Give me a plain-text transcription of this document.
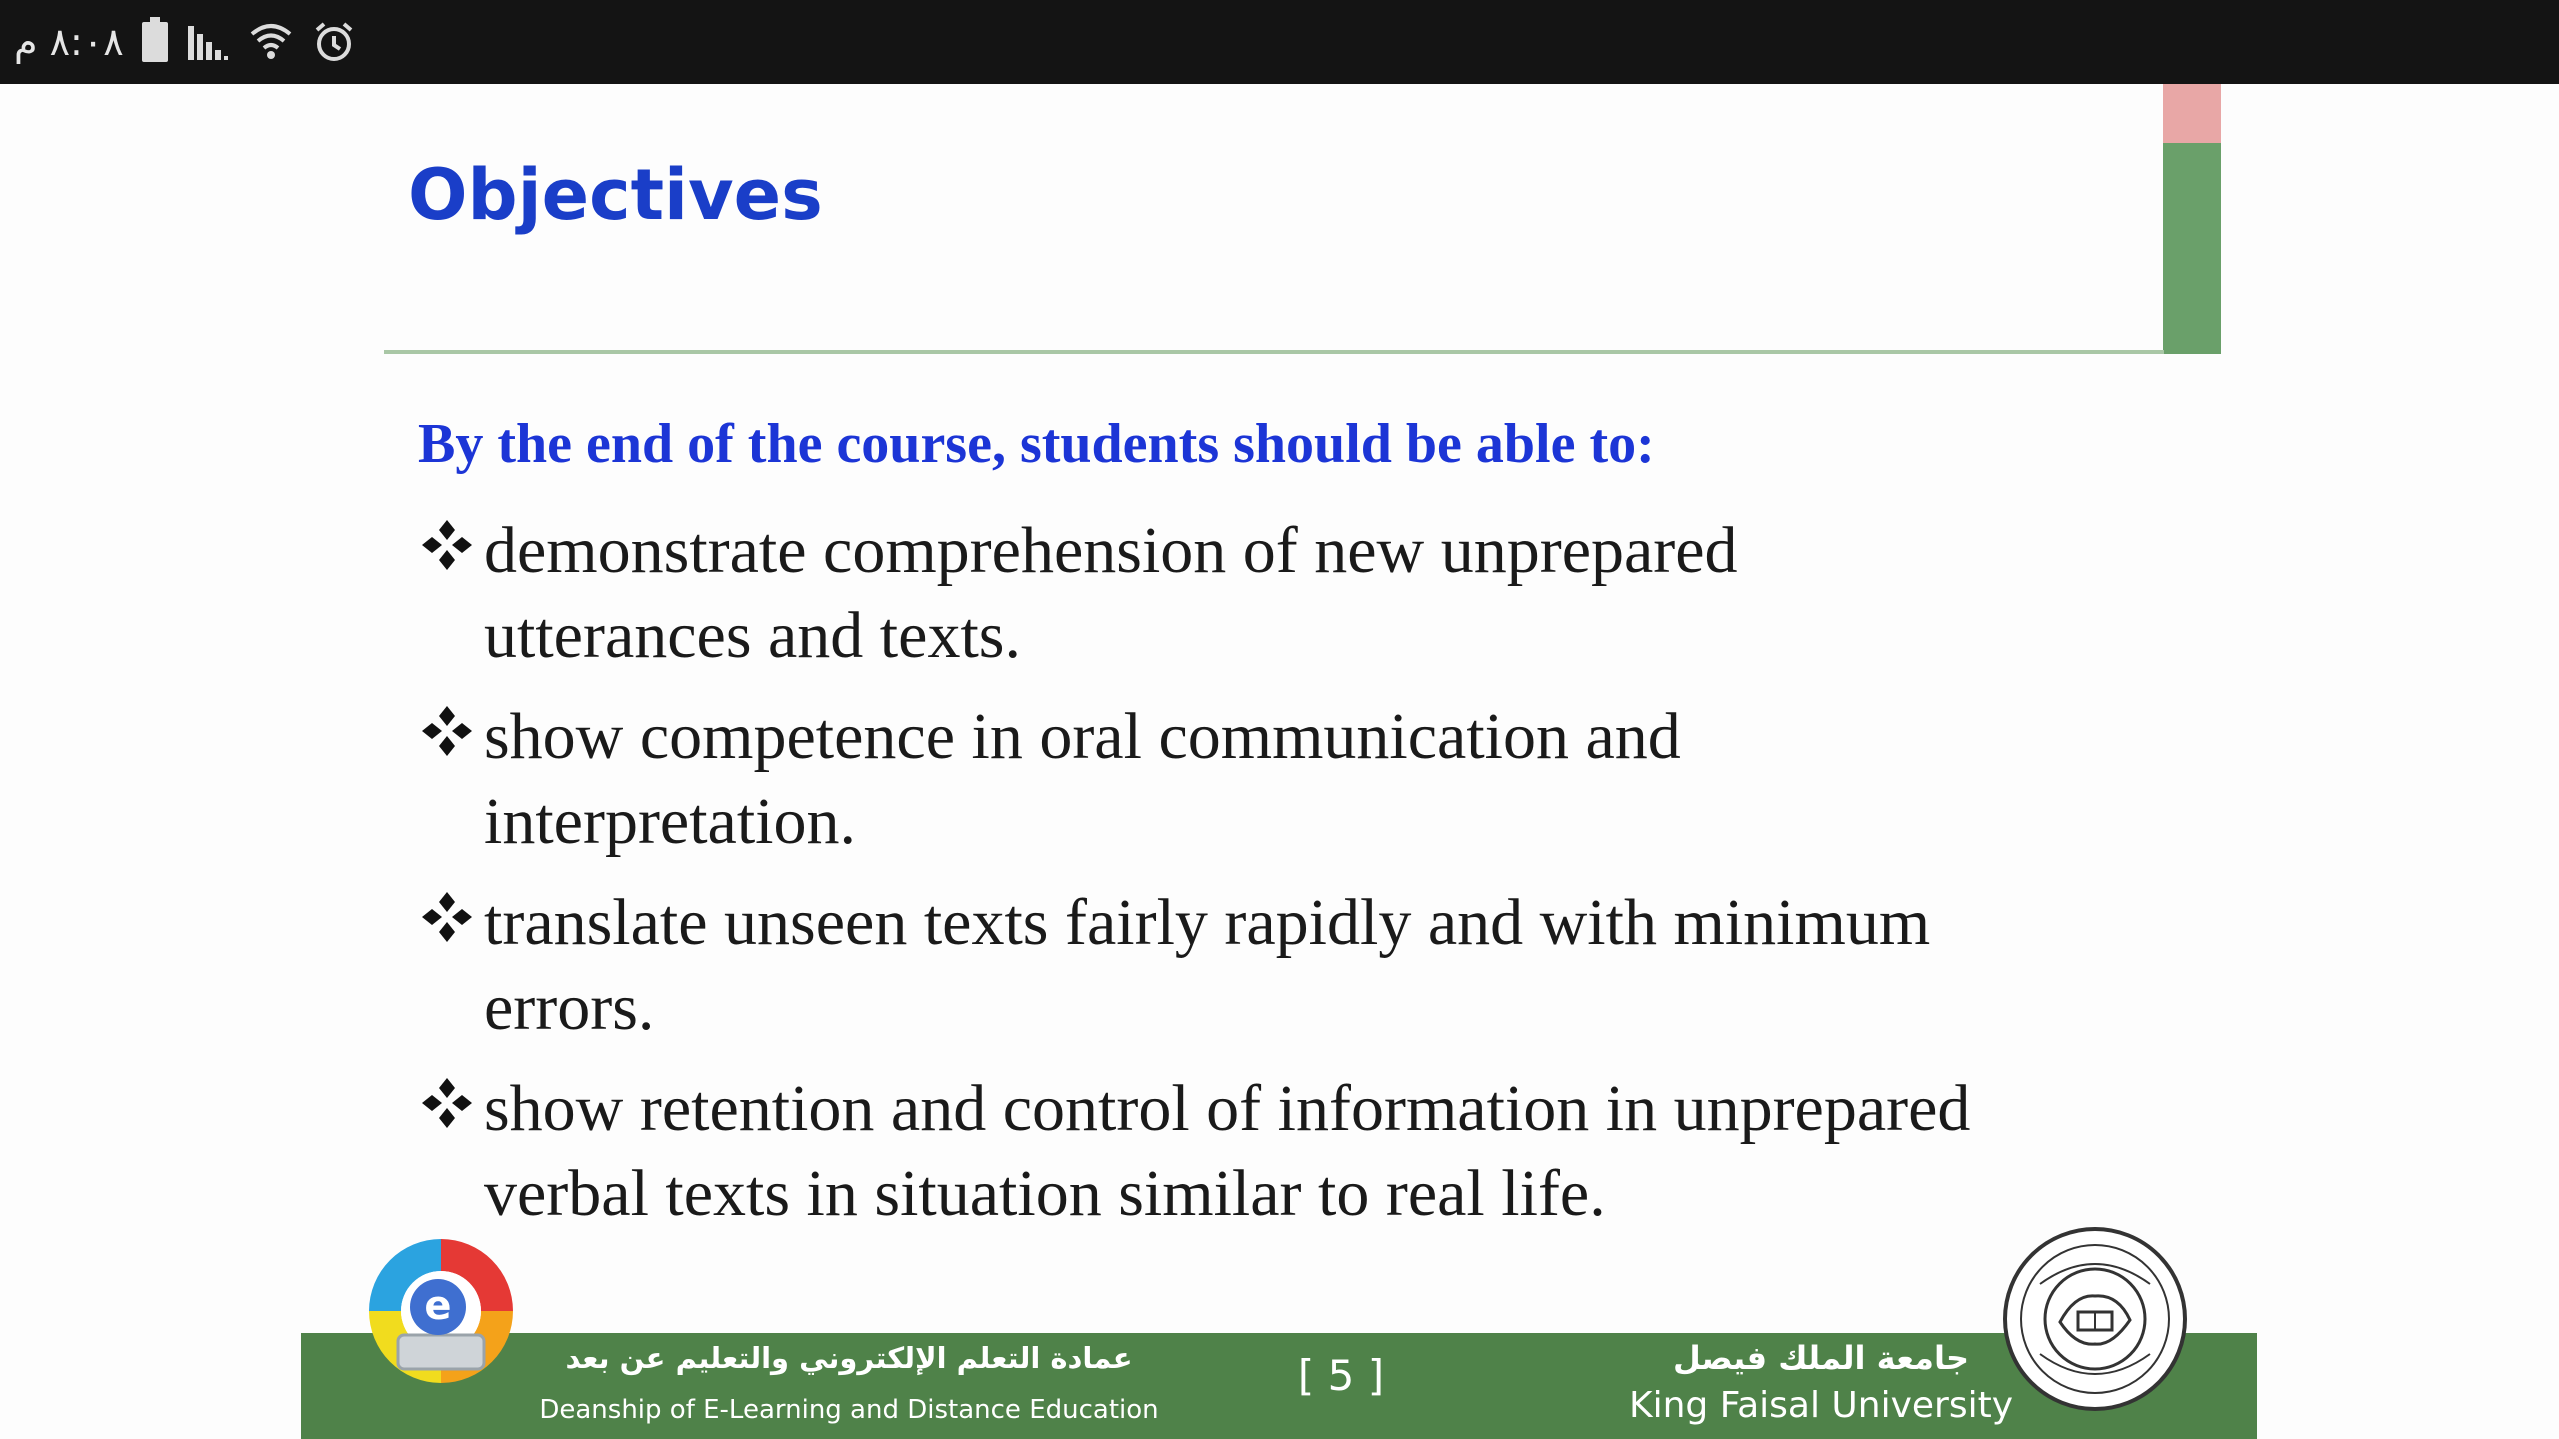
٨:٠٨ م
Objectives

By the end of the course, students should be able to:

demonstrate comprehension of new unprepared
utterances and texts.
show competence in oral communication and
interpretation.
translate unseen texts fairly rapidly and with minimum
errors.
show retention and control of information in unprepared
verbal texts in situation similar to real life.
عمادة التعلم الإلكتروني والتعليم عن بعد
Deanship of E-Learning and Distance Education
[ 5 ]	جامعة الملك فيصل
King Faisal University
e
